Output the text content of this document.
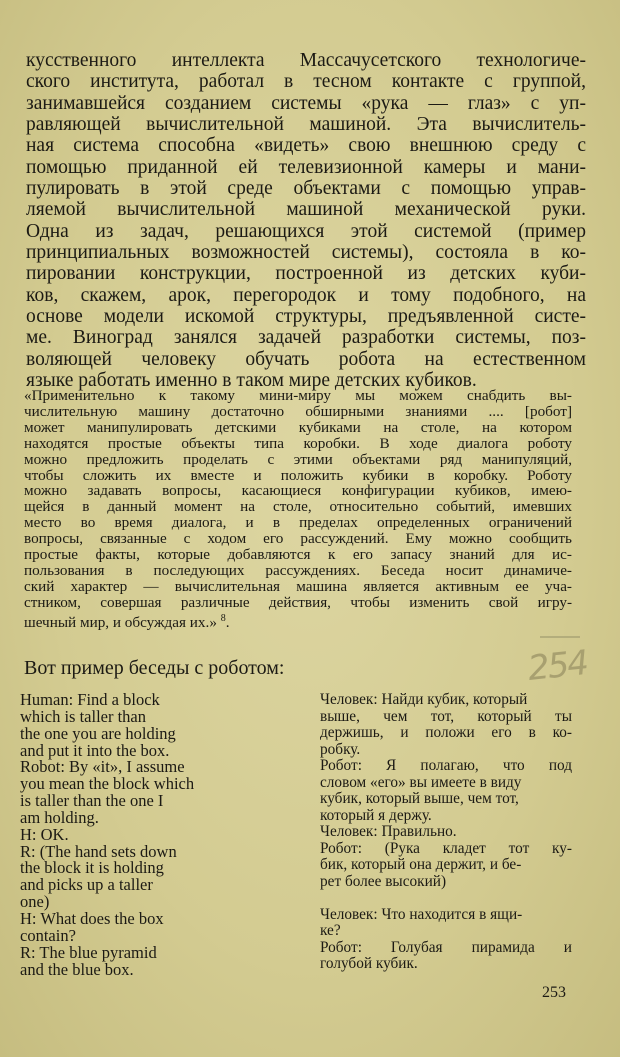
кусственного интеллекта Массачусетского технологиче-
ского института, работал в тесном контакте с группой,
занимавшейся созданием системы «рука — глаз» с уп-
равляющей вычислительной машиной. Эта вычислитель-
ная система способна «видеть» свою внешнюю среду с
помощью приданной ей телевизионной камеры и мани-
пулировать в этой среде объектами с помощью управ-
ляемой вычислительной машиной механической руки.
Одна из задач, решающихся этой системой (пример
принципиальных возможностей системы), состояла в ко-
пировании конструкции, построенной из детских куби-
ков, скажем, арок, перегородок и тому подобного, на
основе модели искомой структуры, предъявленной систе-
ме. Виноград занялся задачей разработки системы, поз-
воляющей человеку обучать робота на естественном
языке работать именно в таком мире детских кубиков.
«Применительно к такому мини-миру мы можем снабдить вы-
числительную машину достаточно обширными знаниями .... [робот]
может манипулировать детскими кубиками на столе, на котором
находятся простые объекты типа коробки. В ходе диалога роботу
можно предложить проделать с этими объектами ряд манипуляций,
чтобы сложить их вместе и положить кубики в коробку. Роботу
можно задавать вопросы, касающиеся конфигурации кубиков, имею-
щейся в данный момент на столе, относительно событий, имевших
место во время диалога, и в пределах определенных ограничений
вопросы, связанные с ходом его рассуждений. Ему можно сообщить
простые факты, которые добавляются к его запасу знаний для ис-
пользования в последующих рассуждениях. Беседа носит динамиче-
ский характер — вычислительная машина является активным ее уча-
стником, совершая различные действия, чтобы изменить свой игру-
шечный мир, и обсуждая их.» $^8$.
254
Вот пример беседы с роботом:
Human: Find a block
which is taller than
the one you are holding
and put it into the box.
Robot: By «it», I assume
you mean the block which
is taller than the one I
am holding.
H: OK.
R: (The hand sets down
the block it is holding
and picks up a taller
one)
H: What does the box
contain?
R: The blue pyramid
and the blue box.
Человек: Найди кубик, который
выше, чем тот, который ты
держишь, и положи его в ко-
робку.
Робот: Я полагаю, что под
словом «его» вы имеете в виду
кубик, который выше, чем тот,
который я держу.
Человек: Правильно.
Робот: (Рука кладет тот ку-
бик, который она держит, и бе-
рет более высокий)
Человек: Что находится в ящи-
ке?
Робот: Голубая пирамида и
голубой кубик.
253
